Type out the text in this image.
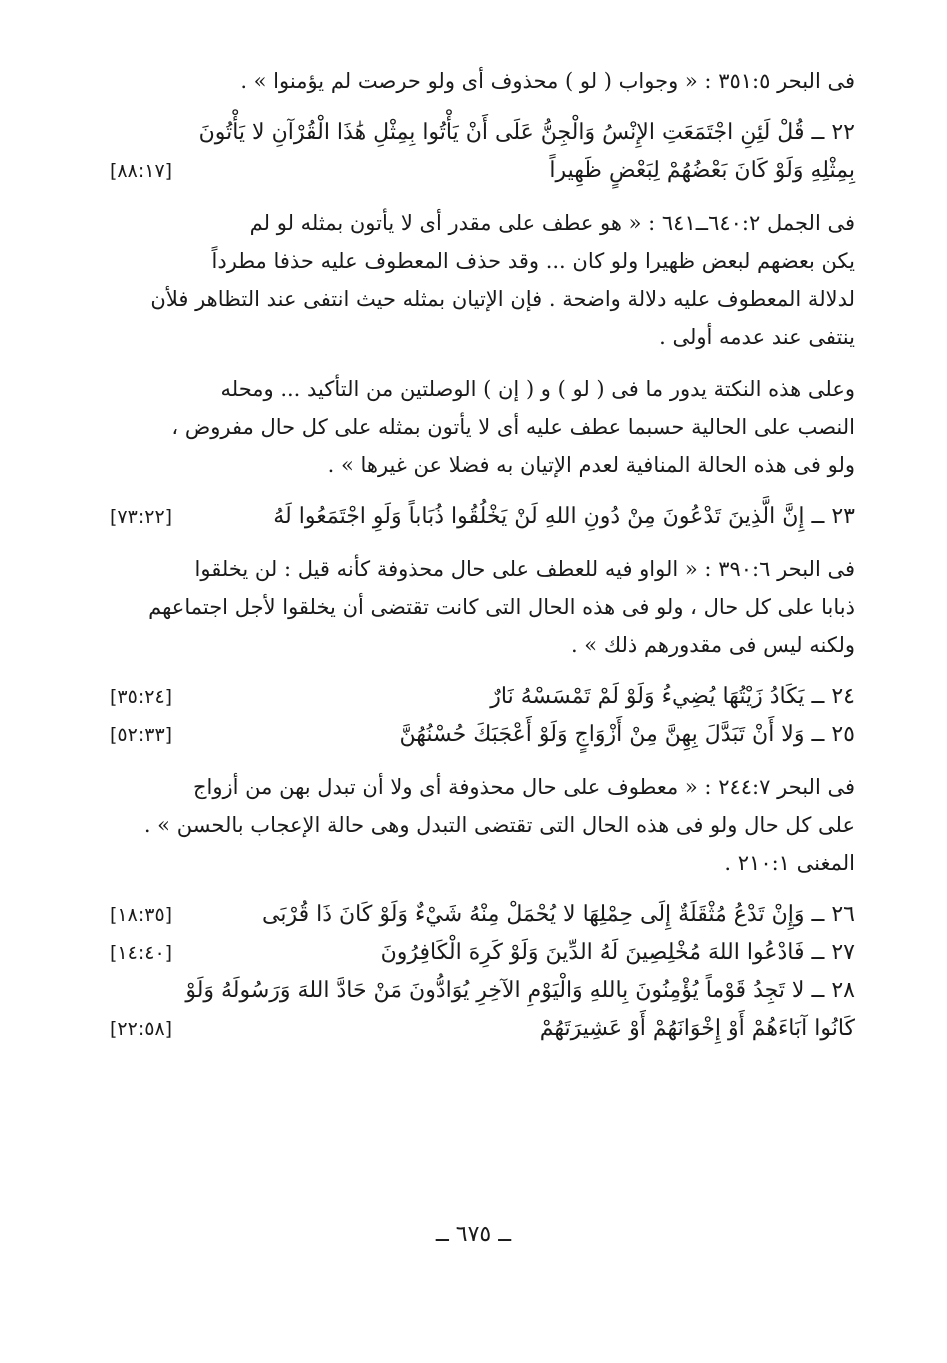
فى البحر ٣٥١:٥ : « وجواب ( لو ) محذوف أى ولو حرصت لم يؤمنوا » .
٢٢ ــ قُلْ لَئِنِ اجْتَمَعَتِ الإِنْسُ وَالْجِنُّ عَلَى أَنْ يَأْتُوا بِمِثْلِ هَٰذَا الْقُرْآنِ لا يَأْتُونَ
بِمِثْلِهِ وَلَوْ كَانَ بَعْضُهُمْ لِبَعْضٍ ظَهِيراً
[٨٨:١٧]
فى الجمل ٦٤٠:٢ــ٦٤١ : « هو عطف على مقدر أى لا يأتون بمثله لو لم
يكن بعضهم لبعض ظهيرا ولو كان ... وقد حذف المعطوف عليه حذفا مطرداً
لدلالة المعطوف عليه دلالة واضحة . فإن الإتيان بمثله حيث انتفى عند التظاهر فلأن
ينتفى عند عدمه أولى .
وعلى هذه النكتة يدور ما فى ( لو ) و ( إن ) الوصلتين من التأكيد ... ومحله
النصب على الحالية حسبما عطف عليه أى لا يأتون بمثله على كل حال مفروض ،
ولو فى هذه الحالة المنافية لعدم الإتيان به فضلا عن غيرها » .
٢٣ ــ إِنَّ الَّذِينَ تَدْعُونَ مِنْ دُونِ اللهِ لَنْ يَخْلُقُوا ذُبَاباً وَلَوِ اجْتَمَعُوا لَهُ
[٧٣:٢٢]
فى البحر ٣٩٠:٦ : « الواو فيه للعطف على حال محذوفة كأنه قيل : لن يخلقوا
ذبابا على كل حال ، ولو فى هذه الحال التى كانت تقتضى أن يخلقوا لأجل اجتماعهم
ولكنه ليس فى مقدورهم ذلك » .
٢٤ ــ يَكَادُ زَيْتُهَا يُضِيءُ وَلَوْ لَمْ تَمْسَسْهُ نَارٌ
[٣٥:٢٤]
٢٥ ــ وَلا أَنْ تَبَدَّلَ بِهِنَّ مِنْ أَزْوَاجٍ وَلَوْ أَعْجَبَكَ حُسْنُهُنَّ
[٥٢:٣٣]
فى البحر ٢٤٤:٧ : « معطوف على حال محذوفة أى ولا أن تبدل بهن من أزواج
على كل حال ولو فى هذه الحال التى تقتضى التبدل وهى حالة الإعجاب بالحسن » .
المغنى ٢١٠:١ .
٢٦ ــ وَإِنْ تَدْعُ مُثْقَلَةٌ إِلَى حِمْلِهَا لا يُحْمَلْ مِنْهُ شَيْءٌ وَلَوْ كَانَ ذَا قُرْبَى
[١٨:٣٥]
٢٧ ــ فَادْعُوا اللهَ مُخْلِصِينَ لَهُ الدِّينَ وَلَوْ كَرِهَ الْكَافِرُونَ
[١٤:٤٠]
٢٨ ــ لا تَجِدُ قَوْماً يُؤْمِنُونَ بِاللهِ وَالْيَوْمِ الآخِرِ يُوَادُّونَ مَنْ حَادَّ اللهَ وَرَسُولَهُ وَلَوْ
كَانُوا آبَاءَهُمْ أَوْ إِخْوَانَهُمْ أَوْ عَشِيرَتَهُمْ
[٢٢:٥٨]
ــ ٦٧٥ ــ
